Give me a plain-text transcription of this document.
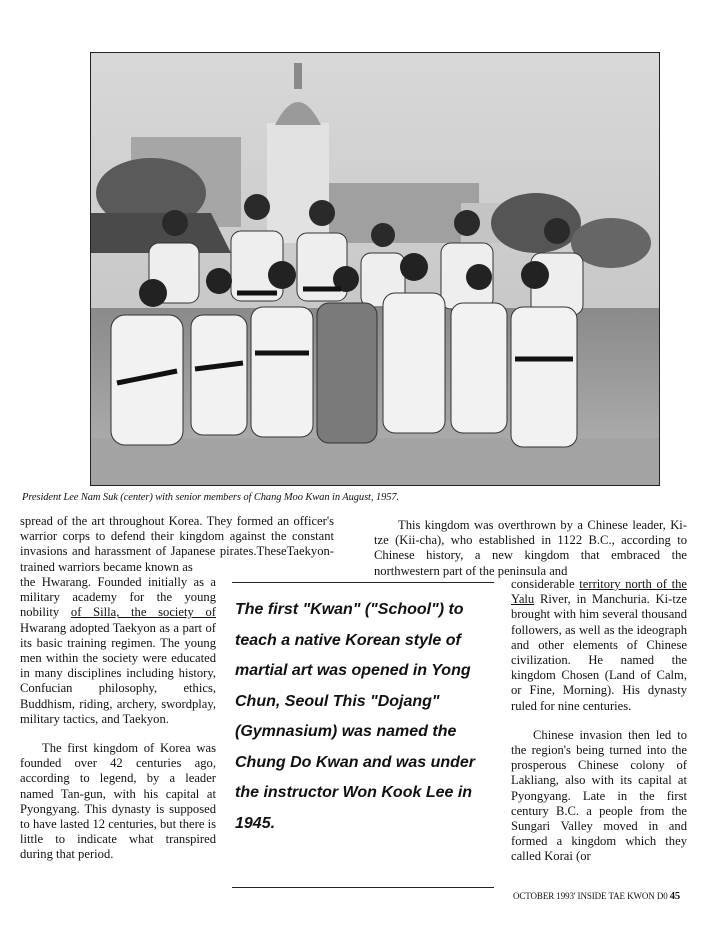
President Lee Nam Suk (center) with senior members of Chang Moo Kwan in August, 1957.
spread of the art throughout Korea. They formed an officer's warrior corps to defend their kingdom against the constant invasions and harassment of Japanese pirates.TheseTaekyon-trained warriors became known as
This kingdom was overthrown by a Chinese leader, Ki-tze (Kii-cha), who established in 1122 B.C., according to Chinese history, a new kingdom that embraced the northwestern part of the peninsula and

the Hwarang. Founded initially as a military academy for the young nobility of Silla, the society of Hwarang adopted Taekyon as a part of its basic training regimen. The young men within the society were educated in many disciplines including history, Confucian philosophy, ethics, Buddhism, riding, archery, swordplay, military tactics, and Taekyon.

The first kingdom of Korea was founded over 42 centuries ago, according to legend, by a leader named Tan-gun, with his capital at Pyongyang. This dynasty is supposed to have lasted 12 centuries, but there is little to indicate what transpired during that period.

The first "Kwan" ("School") to teach a native Korean style of martial art was opened in Yong Chun, Seoul This "Dojang" (Gymnasium) was named the Chung Do Kwan and was under the instructor Won Kook Lee in 1945.

considerable territory north of the Yalu River, in Manchuria. Ki-tze brought with him several thousand followers, as well as the ideograph and other elements of Chinese civilization. He named the kingdom Chosen (Land of Calm, or Fine, Morning). His dynasty ruled for nine centuries.

Chinese invasion then led to the region's being turned into the prosperous Chinese colony of Lakliang, also with its capital at Pyongyang. Late in the first century B.C. a people from the Sungari Valley moved in and formed a kingdom which they called Korai (or

OCTOBER 1993' INSIDE TAE KWON D0 45
